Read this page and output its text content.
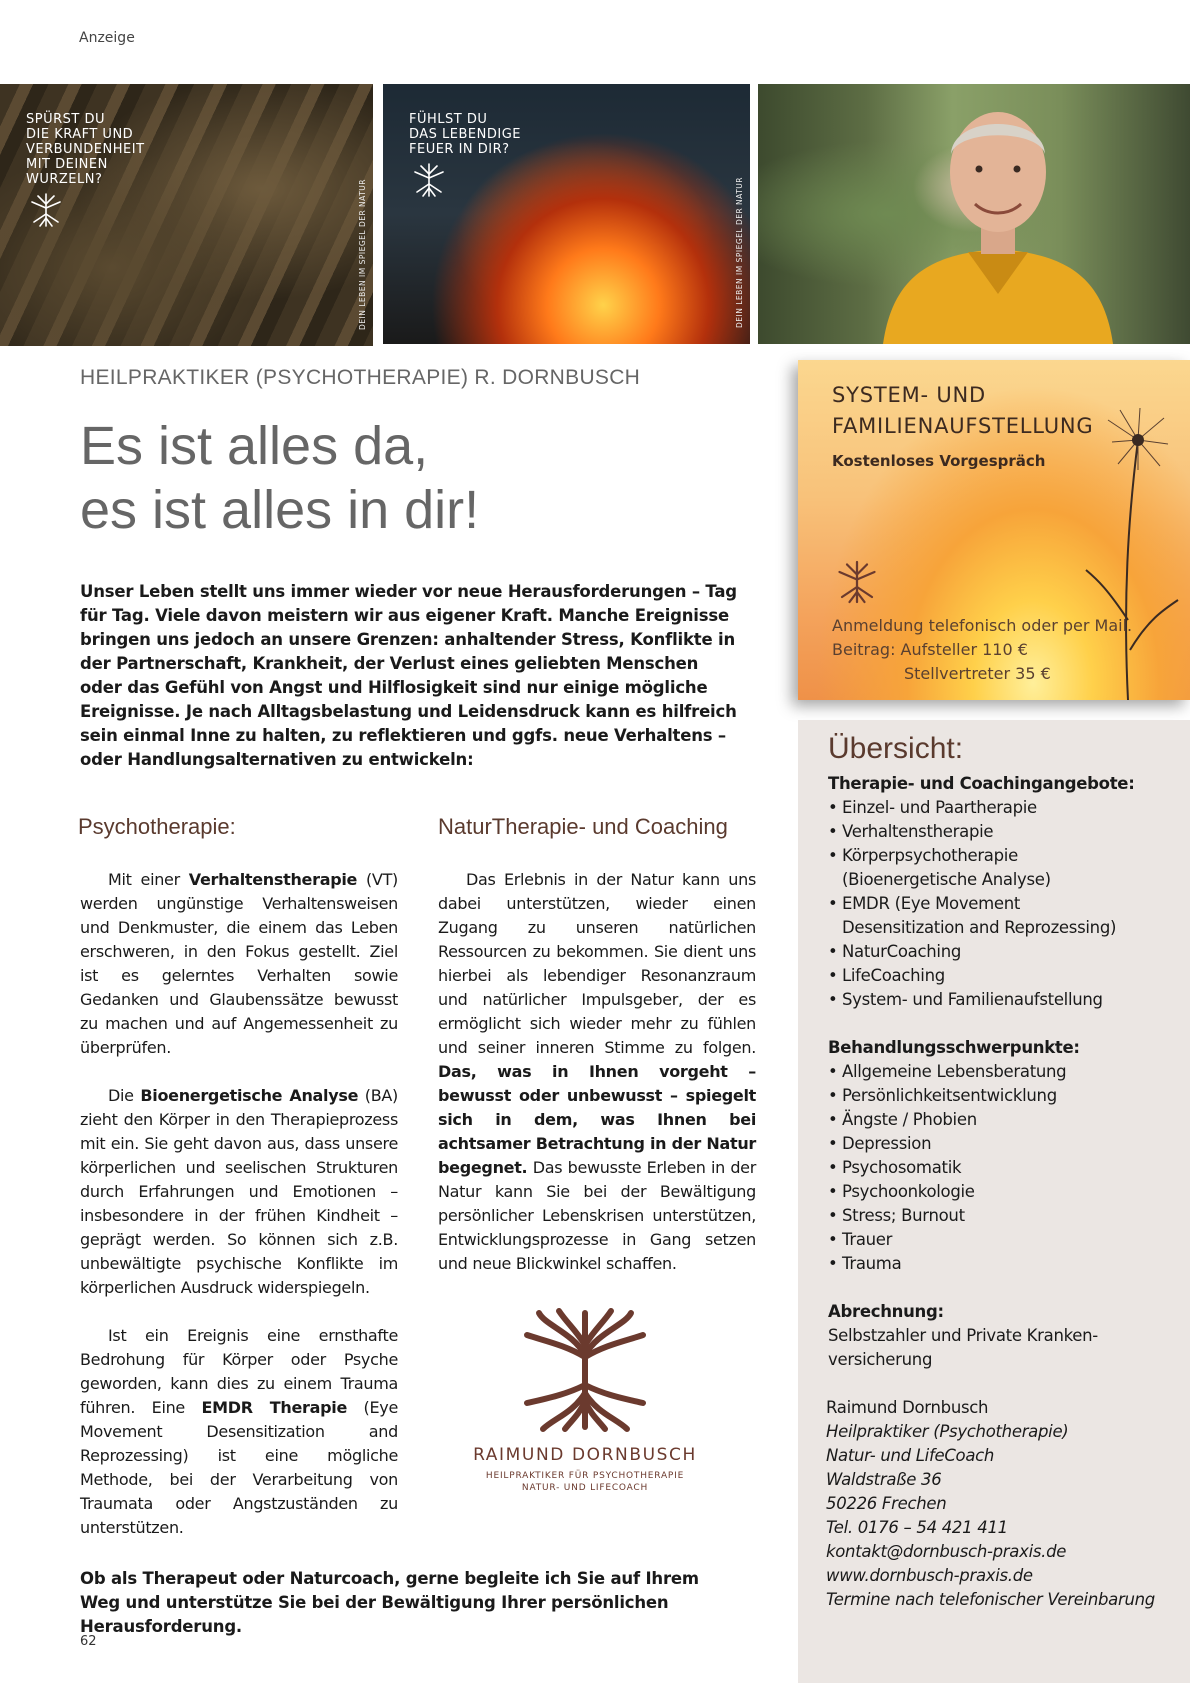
Anzeige
SPÜRST DU
DIE KRAFT UND
VERBUNDENHEIT
MIT DEINEN
WURZELN?	DEIN LEBEN IM SPIEGEL DER NATUR
FÜHLST DU
DAS LEBENDIGE
FEUER IN DIR?
DEIN LEBEN IM SPIEGEL DER NATUR
HEILPRAKTIKER (PSYCHOTHERAPIE) R. DORNBUSCH
Es ist alles da,
es ist alles in dir!
Unser Leben stellt uns immer wieder vor neue Herausforderungen – Tag für Tag. Viele davon meistern wir aus eigener Kraft. Manche Ereignisse bringen uns jedoch an unsere Grenzen: anhaltender Stress, Konflikte in der Partnerschaft, Krankheit, der Verlust eines geliebten Menschen oder das Gefühl von Angst und Hilflosigkeit sind nur einige mögliche Ereignisse. Je nach Alltagsbelastung und Leidensdruck kann es hilfreich sein einmal Inne zu halten, zu reflektieren und ggfs. neue Verhaltens – oder Handlungsalternativen zu entwickeln:
Psychotherapie:

Mit einer Verhaltenstherapie (VT) werden ungünstige Verhaltensweisen und Denkmuster, die einem das Leben erschweren, in den Fokus gestellt. Ziel ist es gelerntes Verhalten sowie Gedanken und Glaubenssätze bewusst zu machen und auf Angemessenheit zu überprüfen.

Die Bioenergetische Analyse (BA) zieht den Körper in den Therapieprozess mit ein. Sie geht davon aus, dass unsere körperlichen und seelischen Strukturen durch Erfahrungen und Emotionen – insbesondere in der frühen Kindheit – geprägt werden. So können sich z.B. unbewältigte psychische Konflikte im körperlichen Ausdruck widerspiegeln.

Ist ein Ereignis eine ernsthafte Bedrohung für Körper oder Psyche geworden, kann dies zu einem Trauma führen. Eine EMDR Therapie (Eye Movement Desensitization and Reprozessing) ist eine mögliche Methode, bei der Verarbeitung von Traumata oder Angstzuständen zu unterstützen.

NaturTherapie- und Coaching

Das Erlebnis in der Natur kann uns dabei unterstützen, wieder einen Zugang zu unseren natürlichen Ressourcen zu bekommen. Sie dient uns hierbei als lebendiger Resonanzraum und natürlicher Impulsgeber, der es ermöglicht sich wieder mehr zu fühlen und seiner inneren Stimme zu folgen. Das, was in Ihnen vorgeht – bewusst oder unbewusst – spiegelt sich in dem, was Ihnen bei achtsamer Betrachtung in der Natur begegnet. Das bewusste Erleben in der Natur kann Sie bei der Bewältigung persönlicher Lebenskrisen unterstützen, Entwicklungsprozesse in Gang setzen und neue Blickwinkel schaffen.

RAIMUND DORNBUSCH
HEILPRAKTIKER FÜR PSYCHOTHERAPIE
NATUR- UND LIFECOACH
Ob als Therapeut oder Naturcoach, gerne begleite ich Sie auf Ihrem Weg und unterstütze Sie bei der Bewältigung Ihrer persönlichen Herausforderung.
62
SYSTEM- UND
FAMILIENAUFSTELLUNG
Kostenloses Vorgespräch
Anmeldung telefonisch oder per Mail.
Beitrag: Aufsteller 110 €
Stellvertreter 35 €
Übersicht:
Therapie- und Coachingangebote:
• Einzel- und Paartherapie
• Verhaltenstherapie
• Körperpsychotherapie
(Bioenergetische Analyse)
• EMDR (Eye Movement
Desensitization and Reprozessing)
• NaturCoaching
• LifeCoaching
• System- und Familienaufstellung
Behandlungsschwerpunkte:
• Allgemeine Lebensberatung
• Persönlichkeitsentwicklung
• Ängste / Phobien
• Depression
• Psychosomatik
• Psychoonkologie
• Stress; Burnout
• Trauer
• Trauma
Abrechnung:
Selbstzahler und Private Kranken-
versicherung
Raimund Dornbusch
Heilpraktiker (Psychotherapie)
Natur- und LifeCoach
Waldstraße 36
50226 Frechen
Tel. 0176 – 54 421 411
kontakt@dornbusch-praxis.de
www.dornbusch-praxis.de
Termine nach telefonischer Vereinbarung
